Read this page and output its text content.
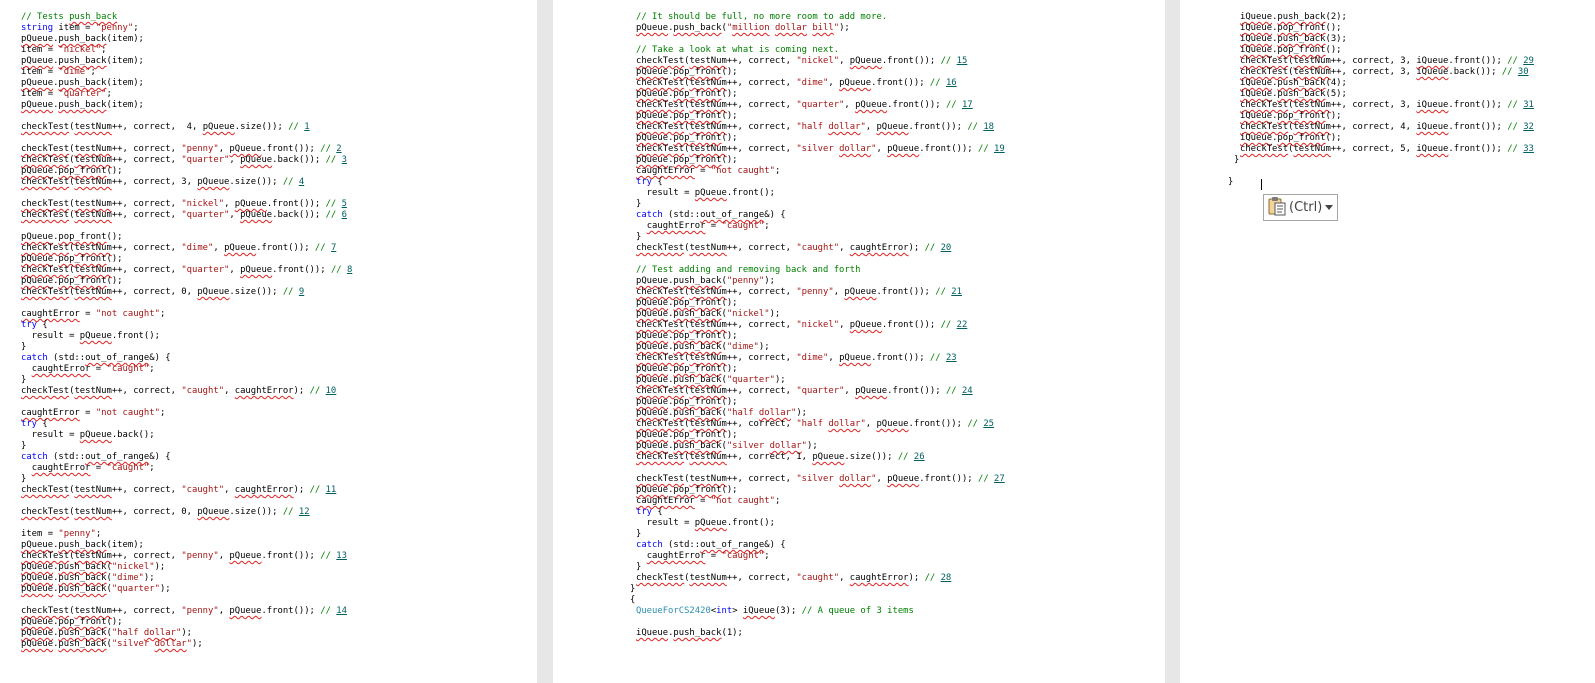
// Tests push_back
string item = "penny";
pQueue.push_back(item);
item = "nickel";
pQueue.push_back(item);
item = "dime";
pQueue.push_back(item);
item = "quarter";
pQueue.push_back(item);

checkTest(testNum++, correct,  4, pQueue.size()); // 1

checkTest(testNum++, correct, "penny", pQueue.front()); // 2
checkTest(testNum++, correct, "quarter", pQueue.back()); // 3
pQueue.pop_front();
checkTest(testNum++, correct, 3, pQueue.size()); // 4

checkTest(testNum++, correct, "nickel", pQueue.front()); // 5
checkTest(testNum++, correct, "quarter", pQueue.back()); // 6

pQueue.pop_front();
checkTest(testNum++, correct, "dime", pQueue.front()); // 7
pQueue.pop_front();
checkTest(testNum++, correct, "quarter", pQueue.front()); // 8
pQueue.pop_front();
checkTest(testNum++, correct, 0, pQueue.size()); // 9

caughtError = "not caught";
try {
result = pQueue.front();
}
catch (std::out_of_range&) {
caughtError = "caught";
}
checkTest(testNum++, correct, "caught", caughtError); // 10

caughtError = "not caught";
try {
result = pQueue.back();
}
catch (std::out_of_range&) {
caughtError = "caught";
}
checkTest(testNum++, correct, "caught", caughtError); // 11

checkTest(testNum++, correct, 0, pQueue.size()); // 12

item = "penny";
pQueue.push_back(item);
checkTest(testNum++, correct, "penny", pQueue.front()); // 13
pQueue.push_back("nickel");
pQueue.push_back("dime");
pQueue.push_back("quarter");

checkTest(testNum++, correct, "penny", pQueue.front()); // 14
pQueue.pop_front();
pQueue.push_back("half dollar");
pQueue.push_back("silver dollar");
// It should be full, no more room to add more.
pQueue.push_back("million dollar bill");

// Take a look at what is coming next.
checkTest(testNum++, correct, "nickel", pQueue.front()); // 15
pQueue.pop_front();
checkTest(testNum++, correct, "dime", pQueue.front()); // 16
pQueue.pop_front();
checkTest(testNum++, correct, "quarter", pQueue.front()); // 17
pQueue.pop_front();
checkTest(testNum++, correct, "half dollar", pQueue.front()); // 18
pQueue.pop_front();
checkTest(testNum++, correct, "silver dollar", pQueue.front()); // 19
pQueue.pop_front();
caughtError = "not caught";
try {
result = pQueue.front();
}
catch (std::out_of_range&) {
caughtError = "caught";
}
checkTest(testNum++, correct, "caught", caughtError); // 20

// Test adding and removing back and forth
pQueue.push_back("penny");
checkTest(testNum++, correct, "penny", pQueue.front()); // 21
pQueue.pop_front();
pQueue.push_back("nickel");
checkTest(testNum++, correct, "nickel", pQueue.front()); // 22
pQueue.pop_front();
pQueue.push_back("dime");
checkTest(testNum++, correct, "dime", pQueue.front()); // 23
pQueue.pop_front();
pQueue.push_back("quarter");
checkTest(testNum++, correct, "quarter", pQueue.front()); // 24
pQueue.pop_front();
pQueue.push_back("half dollar");
checkTest(testNum++, correct, "half dollar", pQueue.front()); // 25
pQueue.pop_front();
pQueue.push_back("silver dollar");
checkTest(testNum++, correct, 1, pQueue.size()); // 26

checkTest(testNum++, correct, "silver dollar", pQueue.front()); // 27
pQueue.pop_front();
caughtError = "not caught";
try {
result = pQueue.front();
}
catch (std::out_of_range&) {
caughtError = "caught";
}
checkTest(testNum++, correct, "caught", caughtError); // 28
}
{
QueueForCS2420<int> iQueue(3); // A queue of 3 items

iQueue.push_back(1);
iQueue.push_back(2);
iQueue.pop_front();
iQueue.push_back(3);
iQueue.pop_front();
checkTest(testNum++, correct, 3, iQueue.front()); // 29
checkTest(testNum++, correct, 3, iQueue.back()); // 30
iQueue.push_back(4);
iQueue.push_back(5);
checkTest(testNum++, correct, 3, iQueue.front()); // 31
iQueue.pop_front();
checkTest(testNum++, correct, 4, iQueue.front()); // 32
iQueue.pop_front();
checkTest(testNum++, correct, 5, iQueue.front()); // 33
}

}
(Ctrl)
